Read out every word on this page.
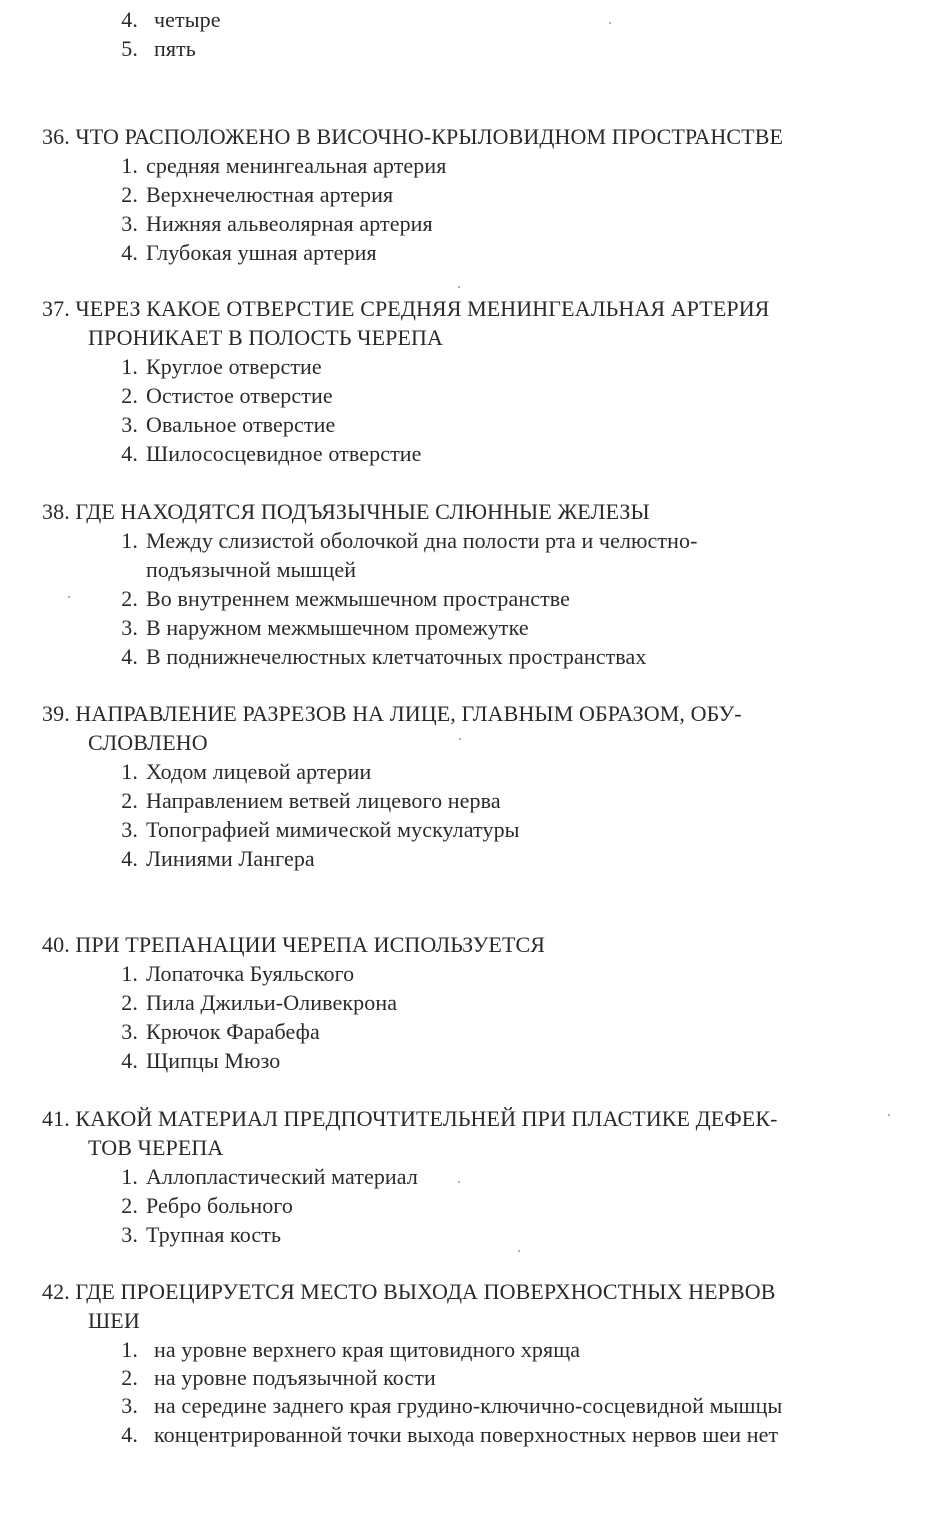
4. четыре
5. пять
36. ЧТО РАСПОЛОЖЕНО В ВИСОЧНО-КРЫЛОВИДНОМ ПРОСТРАНСТВЕ
1. средняя менингеальная артерия
2. Верхнечелюстная артерия
3. Нижняя альвеолярная артерия
4. Глубокая ушная артерия
37. ЧЕРЕЗ КАКОЕ ОТВЕРСТИЕ СРЕДНЯЯ МЕНИНГЕАЛЬНАЯ АРТЕРИЯ
ПРОНИКАЕТ В ПОЛОСТЬ ЧЕРЕПА
1. Круглое отверстие
2. Остистое отверстие
3. Овальное отверстие
4. Шилососцевидное отверстие
38. ГДЕ НАХОДЯТСЯ ПОДЪЯЗЫЧНЫЕ СЛЮННЫЕ ЖЕЛЕЗЫ
1. Между слизистой оболочкой дна полости рта и челюстно-
подъязычной мышцей
2. Во внутреннем межмышечном пространстве
3. В наружном межмышечном промежутке
4. В поднижнечелюстных клетчаточных пространствах
39. НАПРАВЛЕНИЕ РАЗРЕЗОВ НА ЛИЦЕ, ГЛАВНЫМ ОБРАЗОМ, ОБУ-
СЛОВЛЕНО
1. Ходом лицевой артерии
2. Направлением ветвей лицевого нерва
3. Топографией мимической мускулатуры
4. Линиями Лангера
40. ПРИ ТРЕПАНАЦИИ ЧЕРЕПА ИСПОЛЬЗУЕТСЯ
1. Лопаточка Буяльского
2. Пила Джильи-Оливекрона
3. Крючок Фарабефа
4. Щипцы Мюзо
41. КАКОЙ МАТЕРИАЛ ПРЕДПОЧТИТЕЛЬНЕЙ ПРИ ПЛАСТИКЕ ДЕФЕК-
ТОВ ЧЕРЕПА
1. Аллопластический материал
2. Ребро больного
3. Трупная кость
42. ГДЕ ПРОЕЦИРУЕТСЯ МЕСТО ВЫХОДА ПОВЕРХНОСТНЫХ НЕРВОВ
ШЕИ
1. на уровне верхнего края щитовидного хряща
2. на уровне подъязычной кости
3. на середине заднего края грудино-ключично-сосцевидной мышцы
4. концентрированной точки выхода поверхностных нервов шеи нет
